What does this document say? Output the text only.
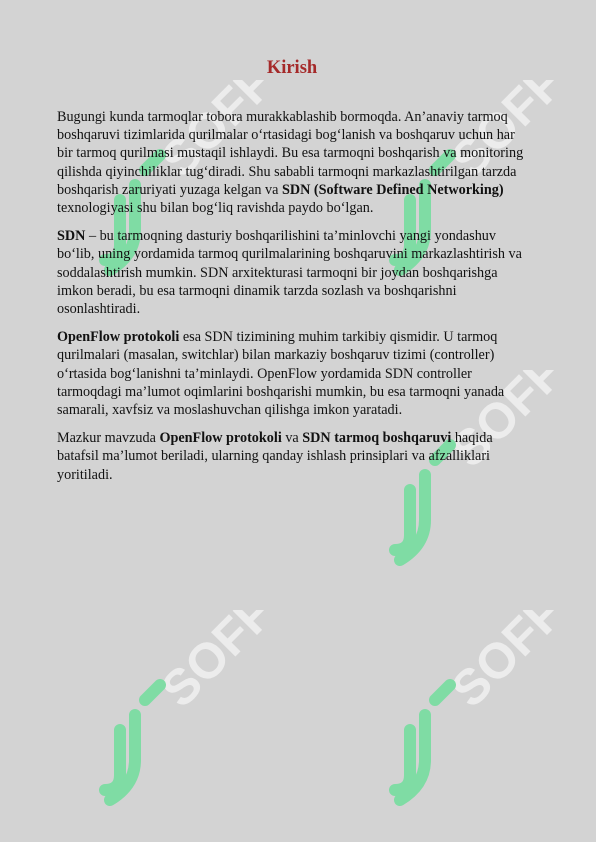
SOFF	SOFF
SOFF
SOFF	SOFF
Kirish

Bugungi kunda tarmoqlar tobora murakkablashib bormoqda. An’anaviy tarmoq boshqaruvi tizimlarida qurilmalar o‘rtasidagi bog‘lanish va boshqaruv uchun har bir tarmoq qurilmasi mustaqil ishlaydi. Bu esa tarmoqni boshqarish va monitoring qilishda qiyinchiliklar tug‘diradi. Shu sababli tarmoqni markazlashtirilgan tarzda boshqarish zaruriyati yuzaga kelgan va SDN (Software Defined Networking) texnologiyasi shu bilan bog‘liq ravishda paydo bo‘lgan.

SDN – bu tarmoqning dasturiy boshqarilishini ta’minlovchi yangi yondashuv bo‘lib, uning yordamida tarmoq qurilmalarining boshqaruvini markazlashtirish va soddalashtirish mumkin. SDN arxitekturasi tarmoqni bir joydan boshqarishga imkon beradi, bu esa tarmoqni dinamik tarzda sozlash va boshqarishni osonlashtiradi.

OpenFlow protokoli esa SDN tizimining muhim tarkibiy qismidir. U tarmoq qurilmalari (masalan, switchlar) bilan markaziy boshqaruv tizimi (controller) o‘rtasida bog‘lanishni ta’minlaydi. OpenFlow yordamida SDN controller tarmoqdagi ma’lumot oqimlarini boshqarishi mumkin, bu esa tarmoqni yanada samarali, xavfsiz va moslashuvchan qilishga imkon yaratadi.

Mazkur mavzuda OpenFlow protokoli va SDN tarmoq boshqaruvi haqida batafsil ma’lumot beriladi, ularning qanday ishlash prinsiplari va afzalliklari yoritiladi.
